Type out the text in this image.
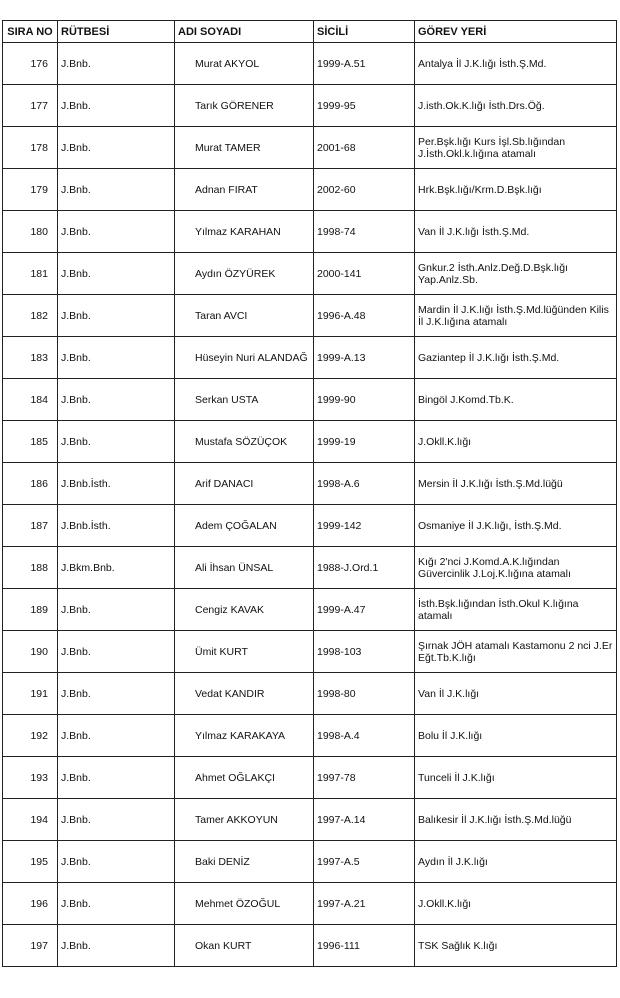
SIRA NO	RÜTBESİ	ADI SOYADI	SİCİLİ	GÖREV YERİ
176	J.Bnb.	Murat AKYOL	1999-A.51	Antalya İl J.K.lığı İsth.Ş.Md.
177	J.Bnb.	Tarık GÖRENER	1999-95	J.isth.Ok.K.lığı İsth.Drs.Öğ.
178	J.Bnb.	Murat TAMER	2001-68	Per.Bşk.lığı Kurs İşl.Sb.lığından J.İsth.Okl.k.lığına atamalı
179	J.Bnb.	Adnan FIRAT	2002-60	Hrk.Bşk.lığı/Krm.D.Bşk.lığı
180	J.Bnb.	Yılmaz KARAHAN	1998-74	Van İl J.K.lığı İsth.Ş.Md.
181	J.Bnb.	Aydın ÖZYÜREK	2000-141	Gnkur.2 İsth.Anlz.Değ.D.Bşk.lığı Yap.Anlz.Sb.
182	J.Bnb.	Taran AVCI	1996-A.48	Mardin İl J.K.lığı İsth.Ş.Md.lüğünden Kilis İl J.K.lığına atamalı
183	J.Bnb.	Hüseyin Nuri ALANDAĞ	1999-A.13	Gaziantep İl J.K.lığı İsth.Ş.Md.
184	J.Bnb.	Serkan USTA	1999-90	Bingöl J.Komd.Tb.K.
185	J.Bnb.	Mustafa SÖZÜÇOK	1999-19	J.Okll.K.lığı
186	J.Bnb.İsth.	Arif DANACI	1998-A.6	Mersin İl J.K.lığı İsth.Ş.Md.lüğü
187	J.Bnb.İsth.	Adem ÇOĞALAN	1999-142	Osmaniye İl J.K.lığı, İsth.Ş.Md.
188	J.Bkm.Bnb.	Ali İhsan ÜNSAL	1988-J.Ord.1	Kığı 2'nci J.Komd.A.K.lığından Güvercinlik J.Loj.K.lığına atamalı
189	J.Bnb.	Cengiz KAVAK	1999-A.47	İsth.Bşk.lığından İsth.Okul K.lığına atamalı
190	J.Bnb.	Ümit KURT	1998-103	Şırnak JÖH atamalı Kastamonu 2 nci J.Er Eğt.Tb.K.lığı
191	J.Bnb.	Vedat KANDIR	1998-80	Van İl J.K.lığı
192	J.Bnb.	Yılmaz KARAKAYA	1998-A.4	Bolu İl J.K.lığı
193	J.Bnb.	Ahmet OĞLAKÇI	1997-78	Tunceli İl J.K.lığı
194	J.Bnb.	Tamer AKKOYUN	1997-A.14	Balıkesir İl J.K.lığı İsth.Ş.Md.lüğü
195	J.Bnb.	Baki DENİZ	1997-A.5	Aydın İl J.K.lığı
196	J.Bnb.	Mehmet ÖZOĞUL	1997-A.21	J.Okll.K.lığı
197	J.Bnb.	Okan KURT	1996-111	TSK Sağlık K.lığı
